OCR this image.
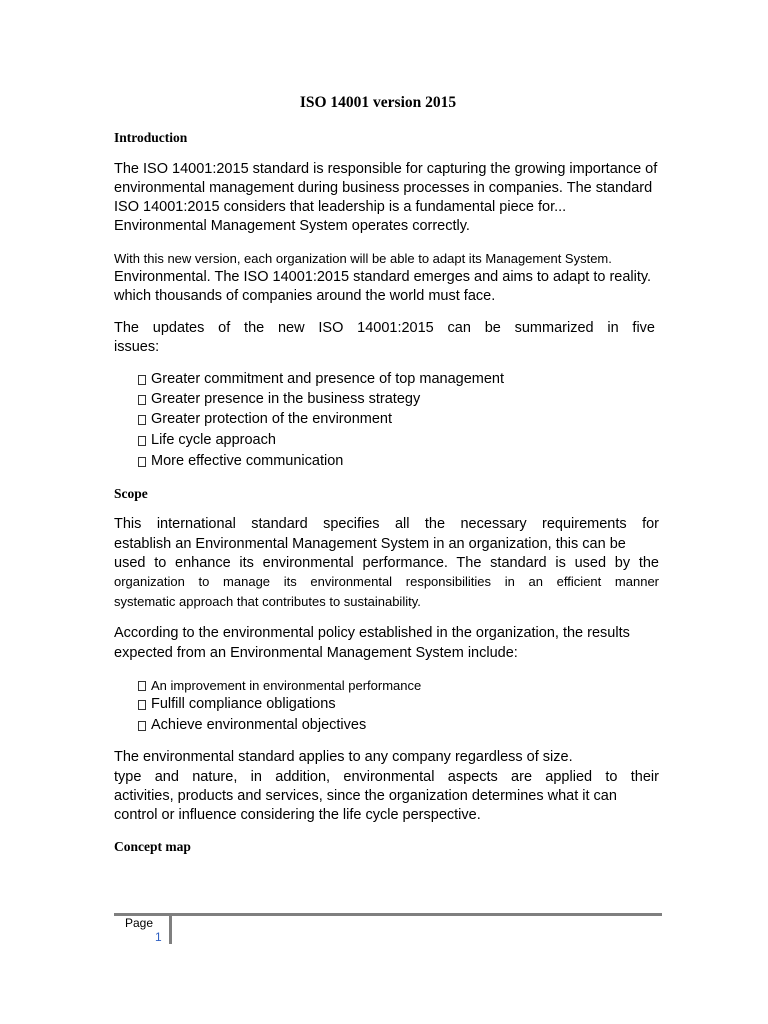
ISO 14001 version 2015
Introduction

The ISO 14001:2015 standard is responsible for capturing the growing importance of

environmental management during business processes in companies. The standard

ISO 14001:2015 considers that leadership is a fundamental piece for...

Environmental Management System operates correctly.

With this new version, each organization will be able to adapt its Management System.

Environmental. The ISO 14001:2015 standard emerges and aims to adapt to reality.

which thousands of companies around the world must face.

The updates of the new ISO 14001:2015 can be summarized in five

issues:

Greater commitment and presence of top management
Greater presence in the business strategy
Greater protection of the environment
Life cycle approach
More effective communication
Scope

This international standard specifies all the necessary requirements for

establish an Environmental Management System in an organization, this can be

used to enhance its environmental performance. The standard is used by the

organization to manage its environmental responsibilities in an efficient manner

systematic approach that contributes to sustainability.

According to the environmental policy established in the organization, the results

expected from an Environmental Management System include:

An improvement in environmental performance
Fulfill compliance obligations
Achieve environmental objectives

The environmental standard applies to any company regardless of size.

type and nature, in addition, environmental aspects are applied to their

activities, products and services, since the organization determines what it can

control or influence considering the life cycle perspective.

Concept map
Page
1
